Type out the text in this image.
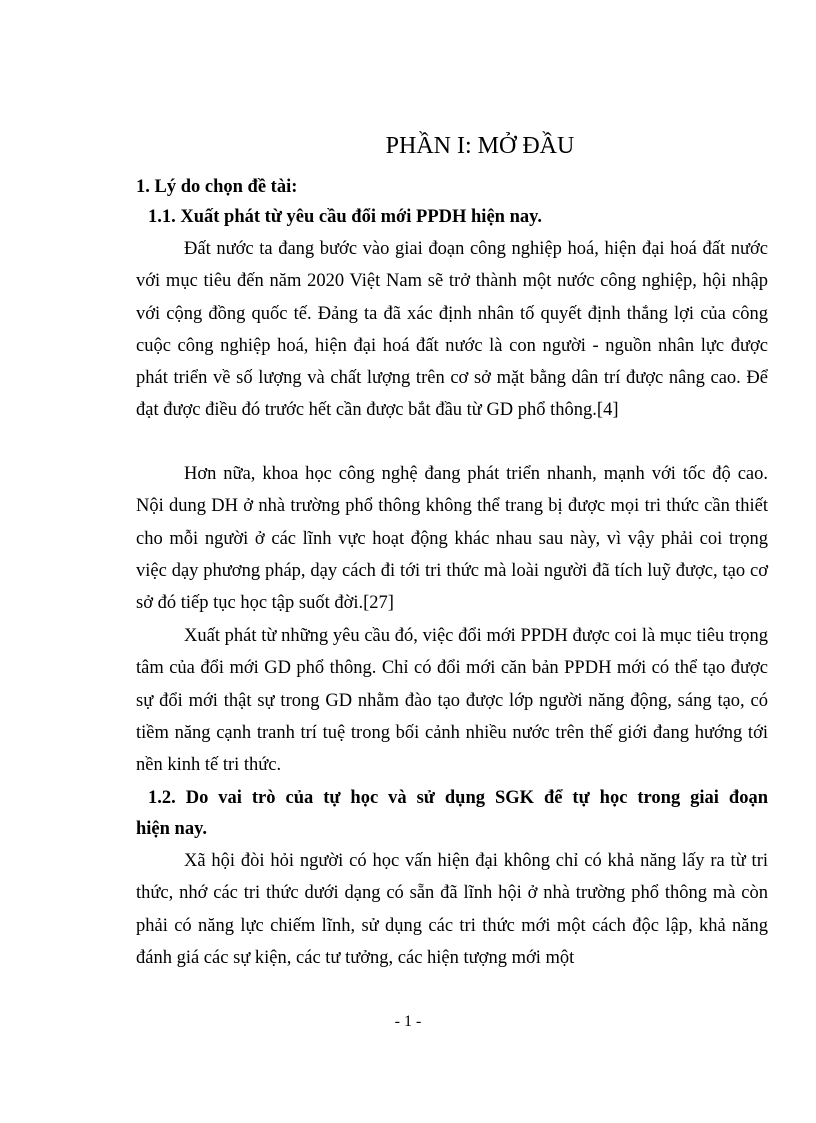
PHẦN I: MỞ ĐẦU
1. Lý do chọn đề tài:
1.1. Xuất phát từ yêu cầu đổi mới PPDH hiện nay.

Đất nước ta đang bước vào giai đoạn công nghiệp hoá, hiện đại hoá đất nước với mục tiêu đến năm 2020 Việt Nam sẽ trở thành một nước công nghiệp, hội nhập với cộng đồng quốc tế. Đảng ta đã xác định nhân tố quyết định thắng lợi của công cuộc công nghiệp hoá, hiện đại hoá đất nước là con người - nguồn nhân lực được phát triển về số lượng và chất lượng trên cơ sở mặt bằng dân trí được nâng cao. Để đạt được điều đó trước hết cần được bắt đầu từ GD phổ thông.[4]

Hơn nữa, khoa học công nghệ đang phát triển nhanh, mạnh với tốc độ cao. Nội dung DH ở nhà trường phổ thông không thể trang bị được mọi tri thức cần thiết cho mỗi người ở các lĩnh vực hoạt động khác nhau sau này, vì vậy phải coi trọng việc dạy phương pháp, dạy cách đi tới tri thức mà loài người đã tích luỹ được, tạo cơ sở đó tiếp tục học tập suốt đời.[27]

Xuất phát từ những yêu cầu đó, việc đổi mới PPDH được coi là mục tiêu trọng tâm của đổi mới GD phổ thông. Chỉ có đổi mới căn bản PPDH mới có thể tạo được sự đổi mới thật sự trong GD nhằm đào tạo được lớp người năng động, sáng tạo, có tiềm năng cạnh tranh trí tuệ trong bối cảnh nhiều nước trên thế giới đang hướng tới nền kinh tế tri thức.

1.2. Do vai trò của tự học và sử dụng SGK để tự học trong giai đoạn
hiện nay.

Xã hội đòi hỏi người có học vấn hiện đại không chỉ có khả năng lấy ra từ tri thức, nhớ các tri thức dưới dạng có sẵn đã lĩnh hội ở nhà trường phổ thông mà còn phải có năng lực chiếm lĩnh, sử dụng các tri thức mới một cách độc lập, khả năng đánh giá các sự kiện, các tư tưởng, các hiện tượng mới một

- 1 -
